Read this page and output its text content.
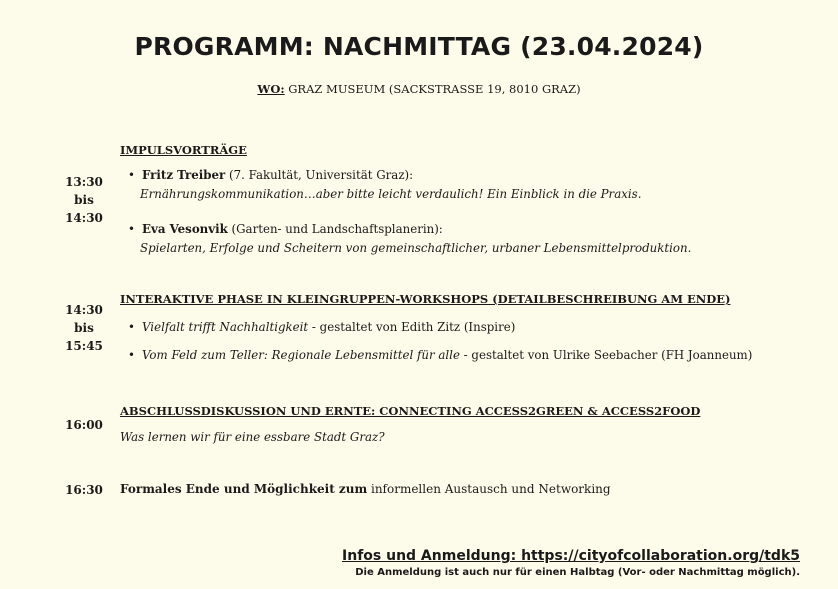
PROGRAMM: NACHMITTAG (23.04.2024)
WO: GRAZ MUSEUM (SACKSTRASSE 19, 8010 GRAZ)
IMPULSVORTRÄGE
13:30
bis
14:30
• Fritz Treiber (7. Fakultät, Universität Graz):
Ernährungskommunikation…aber bitte leicht verdaulich! Ein Einblick in die Praxis.
• Eva Vesonvik (Garten- und Landschaftsplanerin):
Spielarten, Erfolge und Scheitern von gemeinschaftlicher, urbaner Lebensmittelproduktion.
INTERAKTIVE PHASE IN KLEINGRUPPEN-WORKSHOPS (DETAILBESCHREIBUNG AM ENDE)
14:30
bis
15:45
• Vielfalt trifft Nachhaltigkeit - gestaltet von Edith Zitz (Inspire)
• Vom Feld zum Teller: Regionale Lebensmittel für alle - gestaltet von Ulrike Seebacher (FH Joanneum)
ABSCHLUSSDISKUSSION UND ERNTE: CONNECTING ACCESS2GREEN & ACCESS2FOOD
16:00
Was lernen wir für eine essbare Stadt Graz?
16:30 Formales Ende und Möglichkeit zum informellen Austausch und Networking
Infos und Anmeldung: https://cityofcollaboration.org/tdk5
Die Anmeldung ist auch nur für einen Halbtag (Vor- oder Nachmittag möglich).
